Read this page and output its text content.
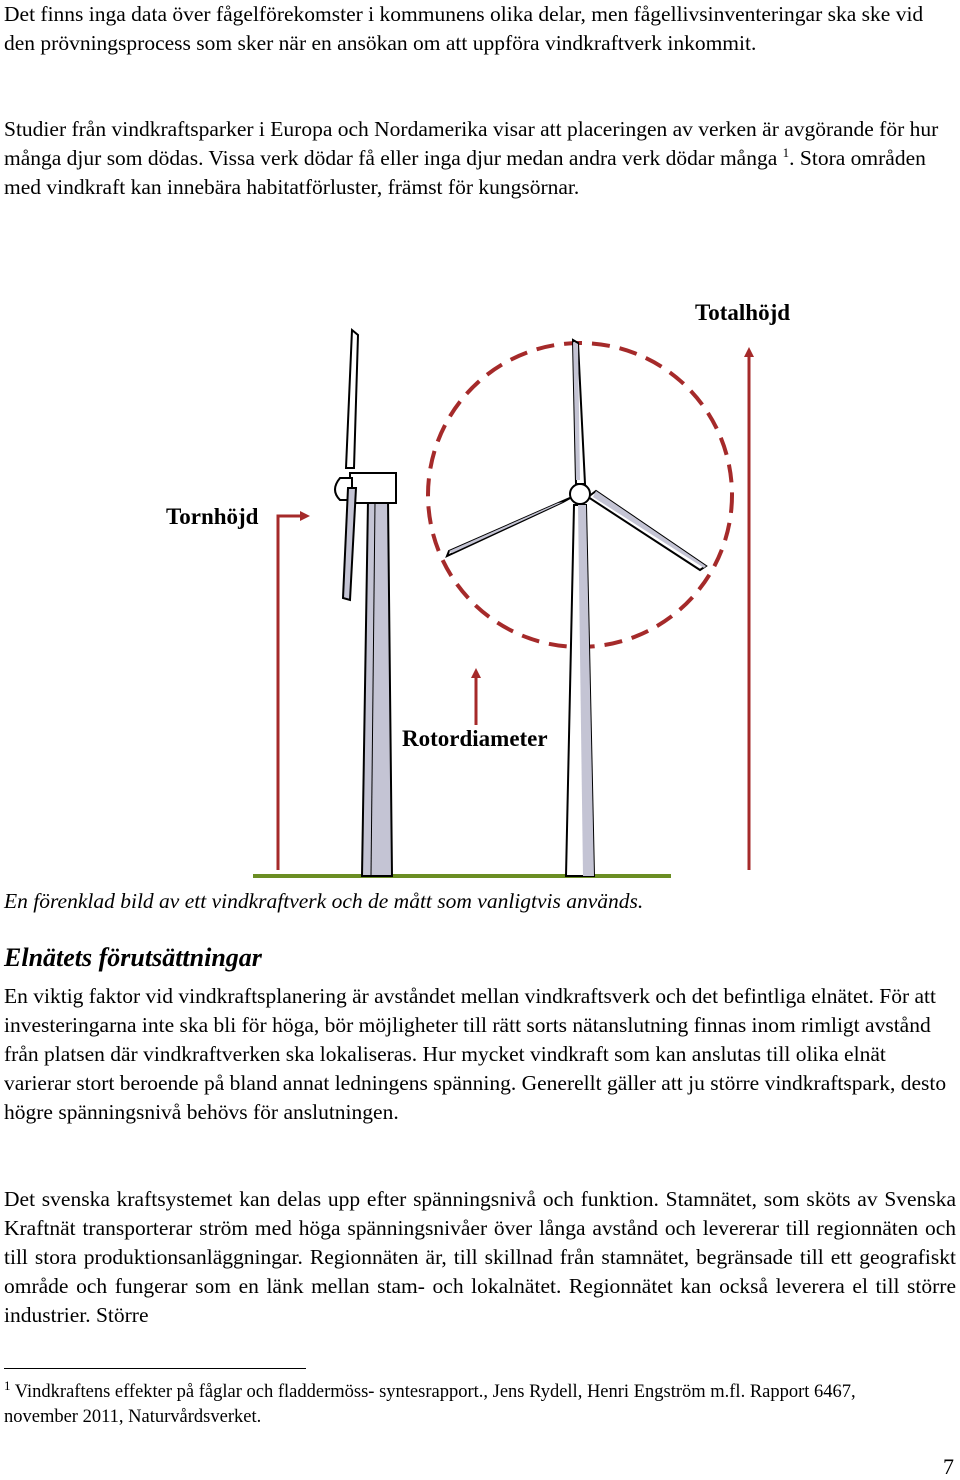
Det finns inga data över fågelförekomster i kommunens olika delar, men fågellivsinventeringar ska ske vid den prövningsprocess som sker när en ansökan om att uppföra vindkraftverk inkommit.

Studier från vindkraftsparker i Europa och Nordamerika visar att placeringen av verken är avgörande för hur många djur som dödas. Vissa verk dödar få eller inga djur medan andra verk dödar många $^1$. Stora områden med vindkraft kan innebära habitatförluster, främst för kungsörnar.

Totalhöjd
Tornhöjd
Rotordiameter

En förenklad bild av ett vindkraftverk och de mått som vanligtvis används.

Elnätets förutsättningar

En viktig faktor vid vindkraftsplanering är avståndet mellan vindkraftsverk och det befintliga elnätet. För att investeringarna inte ska bli för höga, bör möjligheter till rätt sorts nätanslutning finnas inom rimligt avstånd från platsen där vindkraftverken ska lokaliseras. Hur mycket vindkraft som kan anslutas till olika elnät varierar stort beroende på bland annat ledningens spänning. Generellt gäller att ju större vindkraftspark, desto högre spänningsnivå behövs för anslutningen.

Det svenska kraftsystemet kan delas upp efter spänningsnivå och funktion. Stamnätet, som sköts av Svenska Kraftnät transporterar ström med höga spänningsnivåer över långa avstånd och levererar till regionnäten och till stora produktionsanläggningar. Regionnäten är, till skillnad från stamnätet, begränsade till ett geografiskt område och fungerar som en länk mellan stam- och lokalnätet. Regionnätet kan också leverera el till större industrier. Större

$^1$ Vindkraftens effekter på fåglar och fladdermöss- syntesrapport., Jens Rydell, Henri Engström m.fl. Rapport 6467, november 2011, Naturvårdsverket.

7
